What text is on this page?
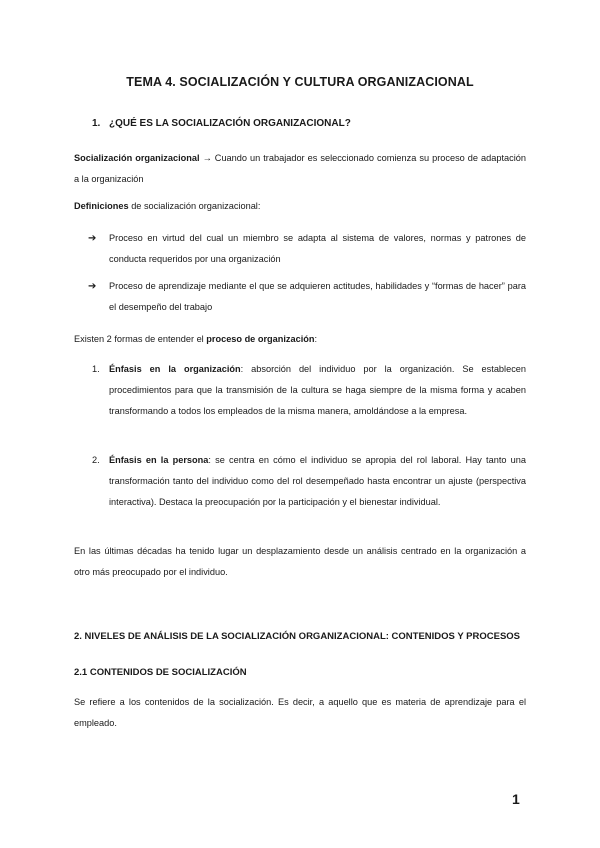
TEMA 4. SOCIALIZACIÓN Y CULTURA ORGANIZACIONAL
1. ¿QUÉ ES LA SOCIALIZACIÓN ORGANIZACIONAL?

Socialización organizacional → Cuando un trabajador es seleccionado comienza su proceso de adaptación a la organización

Definiciones de socialización organizacional:

➔	Proceso en virtud del cual un miembro se adapta al sistema de valores, normas y patrones de conducta requeridos por una organización

➔	Proceso de aprendizaje mediante el que se adquieren actitudes, habilidades y “formas de hacer” para el desempeño del trabajo

Existen 2 formas de entender el proceso de organización:

1.	Énfasis en la organización: absorción del individuo por la organización. Se establecen procedimientos para que la transmisión de la cultura se haga siempre de la misma forma y acaben transformando a todos los empleados de la misma manera, amoldándose a la empresa.

2.	Énfasis en la persona: se centra en cómo el individuo se apropia del rol laboral. Hay tanto una transformación tanto del individuo como del rol desempeñado hasta encontrar un ajuste (perspectiva interactiva). Destaca la preocupación por la participación y el bienestar individual.

En las últimas décadas ha tenido lugar un desplazamiento desde un análisis centrado en la organización a otro más preocupado por el individuo.

2. NIVELES DE ANÁLISIS DE LA SOCIALIZACIÓN ORGANIZACIONAL: CONTENIDOS Y PROCESOS
2.1 CONTENIDOS DE SOCIALIZACIÓN

Se refiere a los contenidos de la socialización. Es decir, a aquello que es materia de aprendizaje para el empleado.

1
